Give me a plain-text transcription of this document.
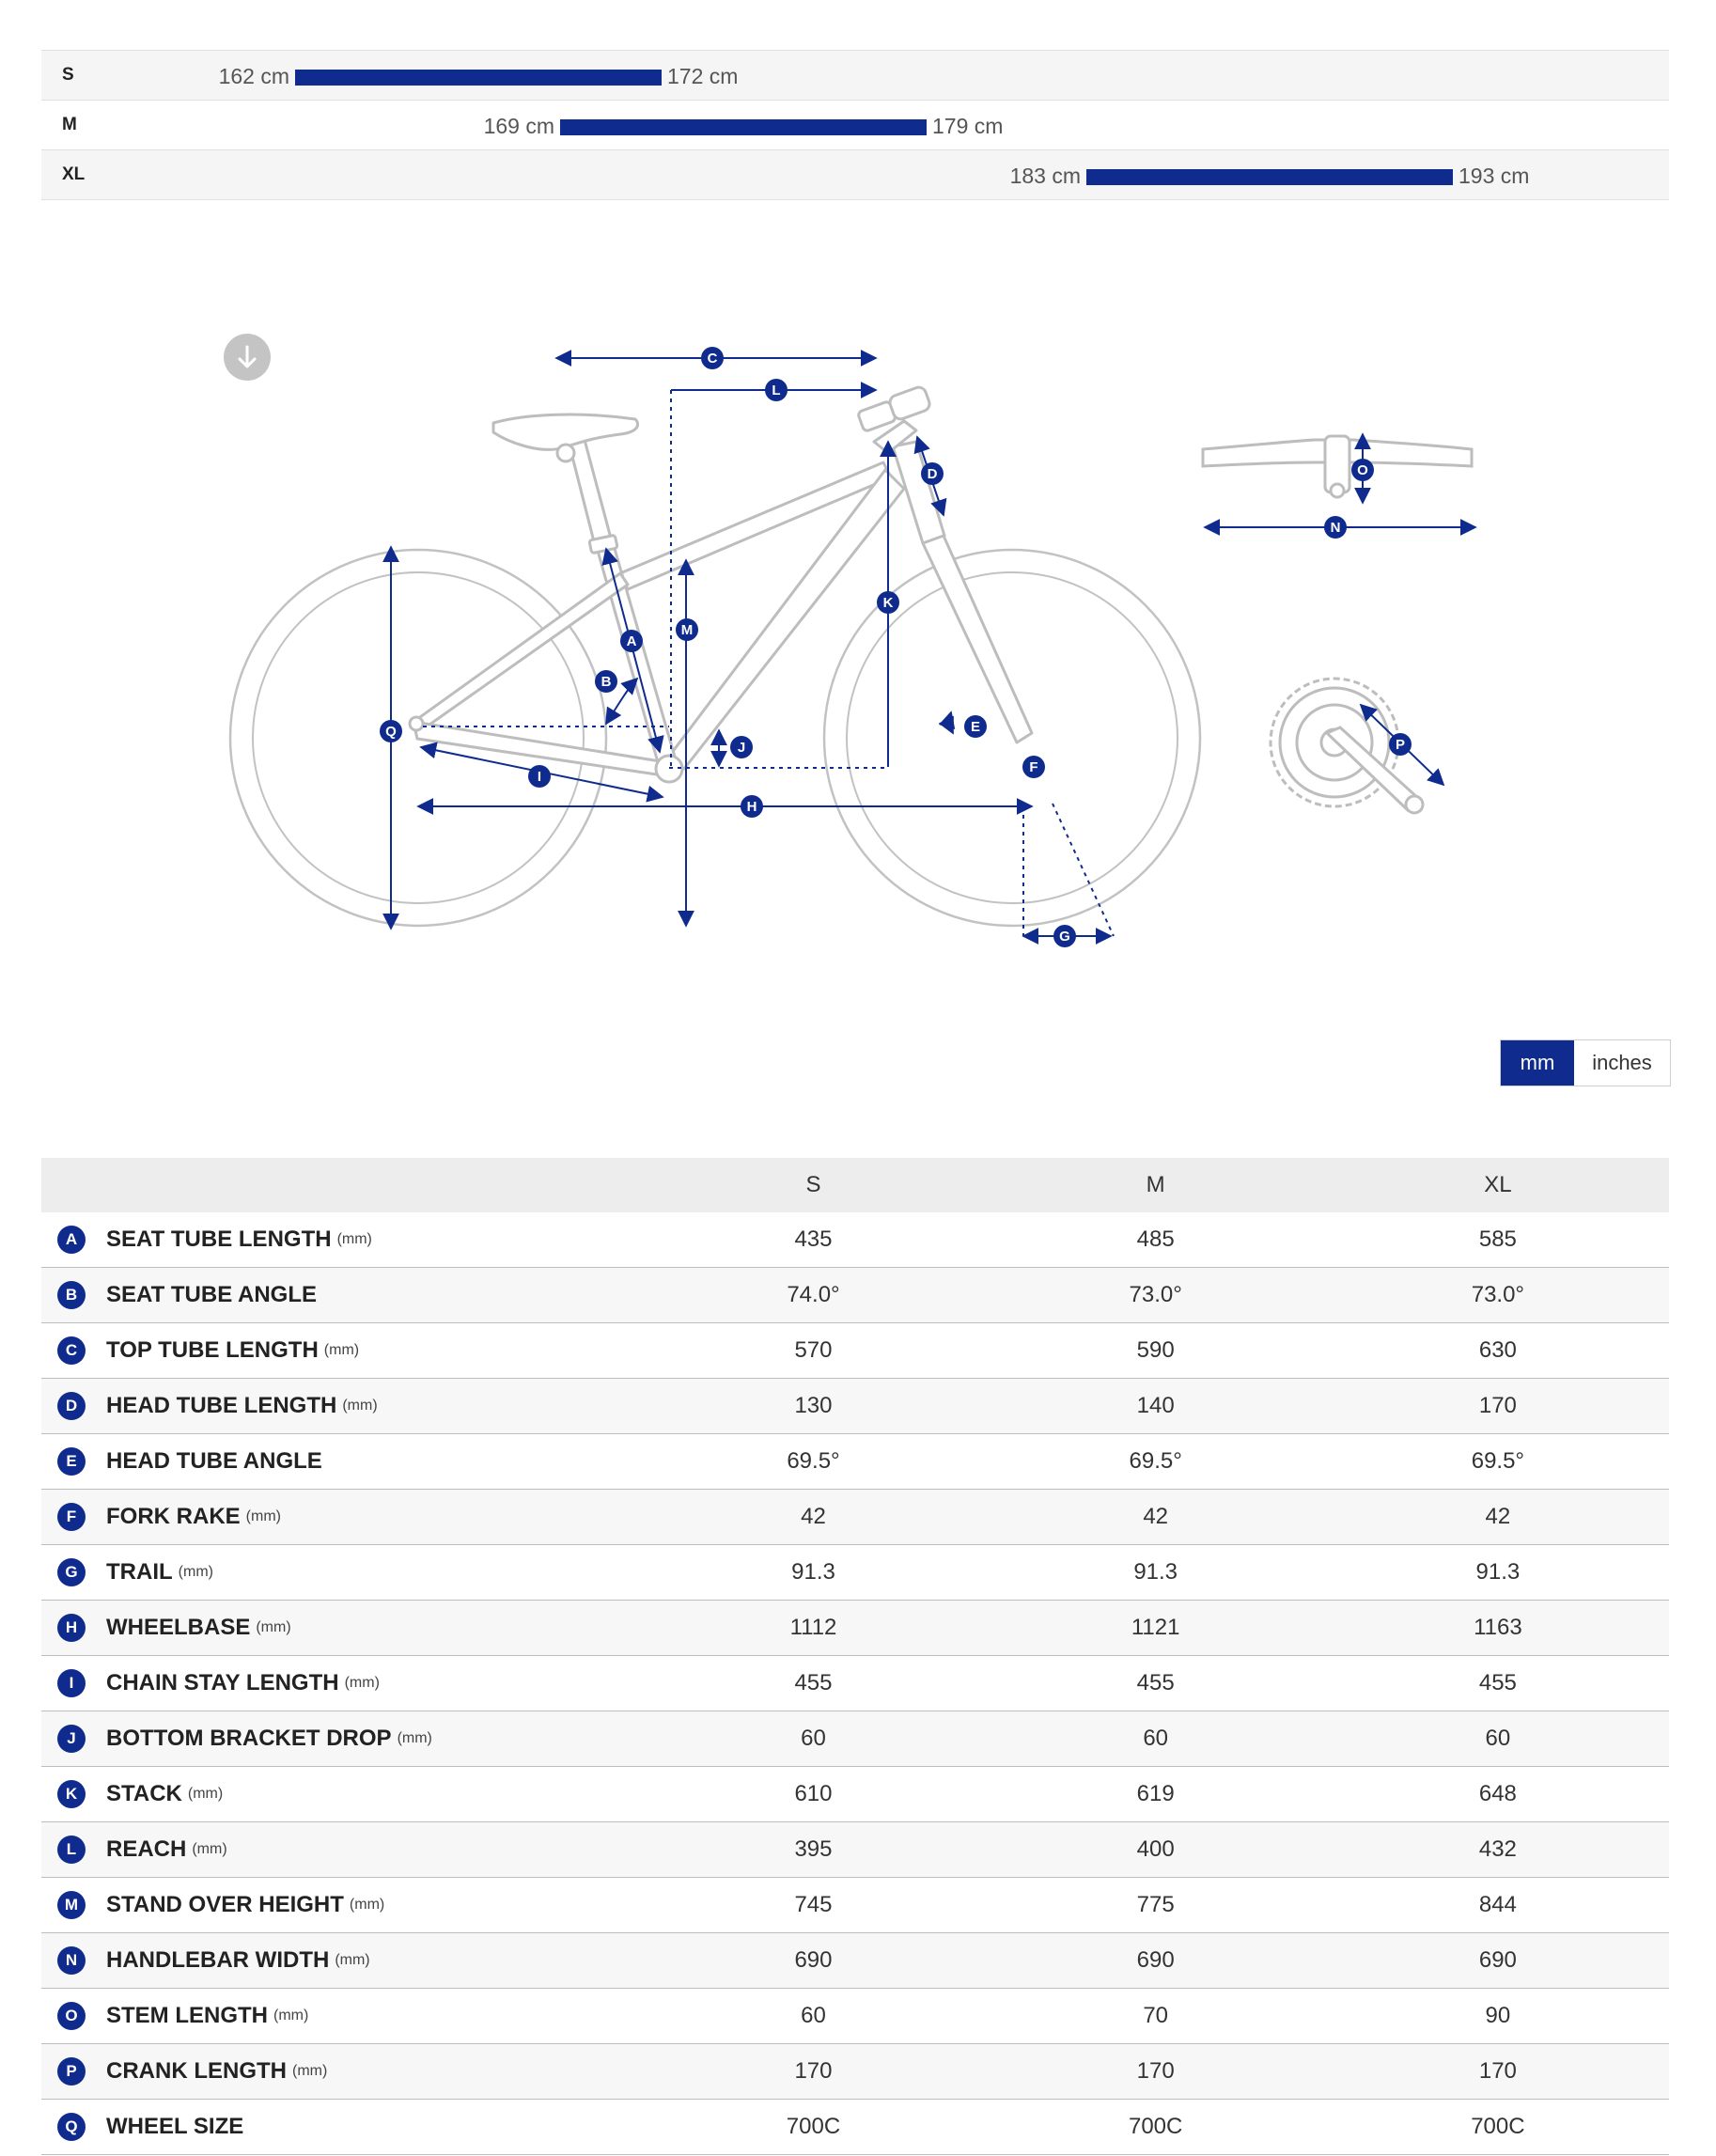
S	162 cm	172 cm
M	169 cm	179 cm
XL	183 cm	193 cm
C
L
D
K
M
A
B
Q
J
I
H
E
F
G
O
N
P
mm	inches
	S	M	XL
A SEAT TUBE LENGTH (mm)	435	485	585
B SEAT TUBE ANGLE	74.0°	73.0°	73.0°
C TOP TUBE LENGTH (mm)	570	590	630
D HEAD TUBE LENGTH (mm)	130	140	170
E HEAD TUBE ANGLE	69.5°	69.5°	69.5°
F FORK RAKE (mm)	42	42	42
G TRAIL (mm)	91.3	91.3	91.3
H WHEELBASE (mm)	1112	1121	1163
I CHAIN STAY LENGTH (mm)	455	455	455
J BOTTOM BRACKET DROP (mm)	60	60	60
K STACK (mm)	610	619	648
L REACH (mm)	395	400	432
M STAND OVER HEIGHT (mm)	745	775	844
N HANDLEBAR WIDTH (mm)	690	690	690
O STEM LENGTH (mm)	60	70	90
P CRANK LENGTH (mm)	170	170	170
Q WHEEL SIZE	700C	700C	700C
